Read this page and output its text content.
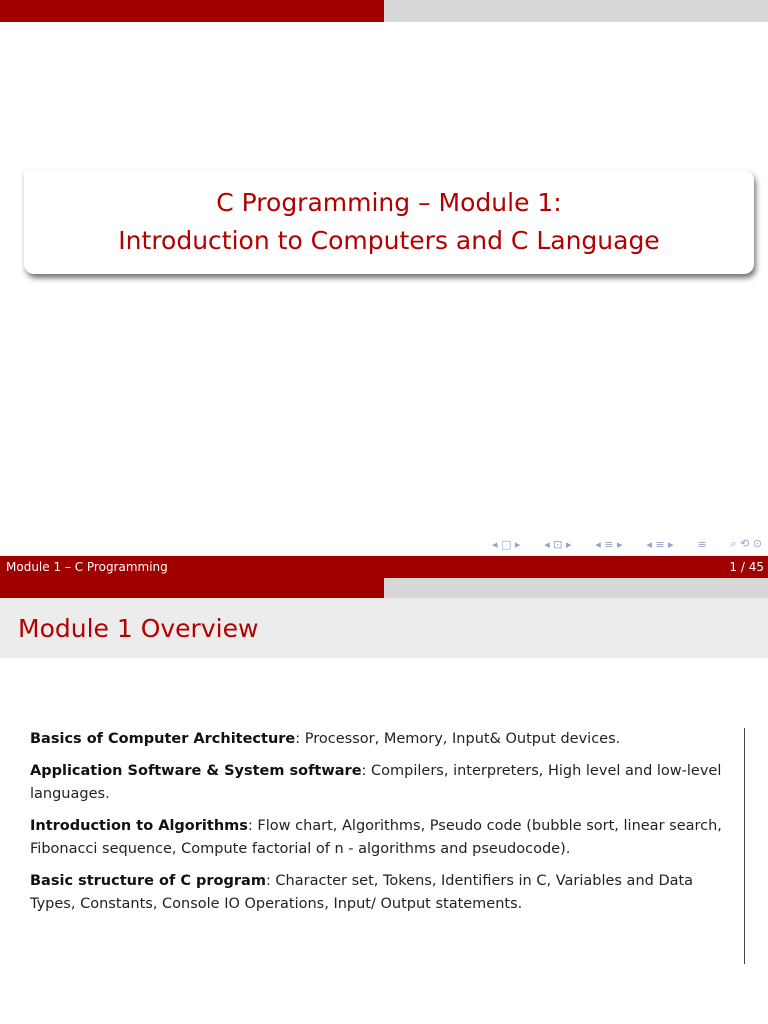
C Programming – Module 1:
Introduction to Computers and C Language
◂ □ ▸ ◂ ⊡ ▸ ◂ ≡ ▸ ◂ ≡ ▸ ≡ ⌕ ⟲ ⊙
Module 1 – C Programming	1 / 45
Module 1 Overview
Basics of Computer Architecture: Processor, Memory, Input& Output devices.
Application Software & System software: Compilers, interpreters, High level and low-level languages.
Introduction to Algorithms: Flow chart, Algorithms, Pseudo code (bubble sort, linear search, Fibonacci sequence, Compute factorial of n - algorithms and pseudocode).
Basic structure of C program: Character set, Tokens, Identifiers in C, Variables and Data Types, Constants, Console IO Operations, Input/ Output statements.
